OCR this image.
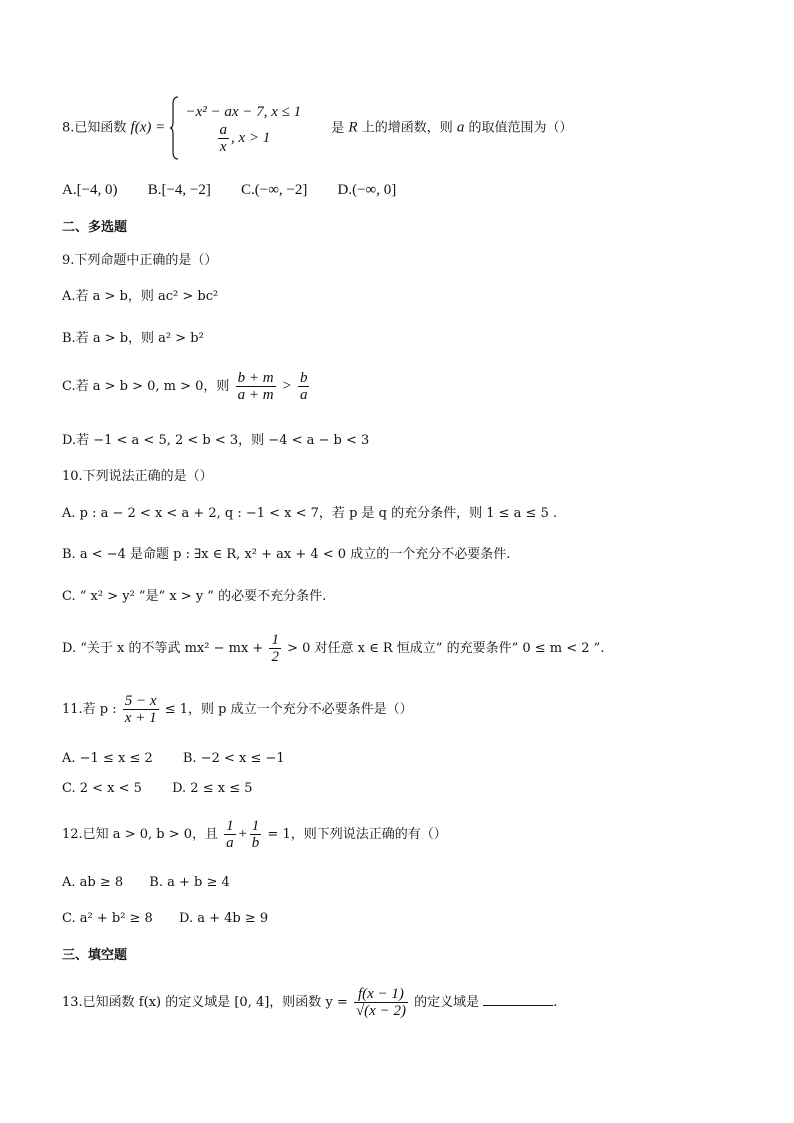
8.已知函数 f(x) =
−x² − ax − 7, x ≤ 1
$\frac{a}{x}$ , x > 1
是 R 上的增函数，则 a 的取值范围为（）
A.[−4, 0) B.[−4, −2] C.(−∞, −2] D.(−∞, 0]
二、多选题
9.下列命题中正确的是（）
A.若 a > b，则 ac² > bc²
B.若 a > b，则 a² > b²
C.若 a > b > 0, m > 0，则 $\frac{b + m}{a + m} > \frac{b}{a}$
D.若 −1 < a < 5, 2 < b < 3，则 −4 < a − b < 3
10.下列说法正确的是（）
A. p : a − 2 < x < a + 2, q : −1 < x < 7，若 p 是 q 的充分条件，则 1 ≤ a ≤ 5 .
B. a < −4 是命题 p : ∃x ∈ R, x² + ax + 4 < 0 成立的一个充分不必要条件.
C. “ x² > y² ”是“ x > y ” 的必要不充分条件.
D. “关于 x 的不等武 mx² − mx + $\frac{1}{2} > 0$ 对任意 x ∈ R 恒成立” 的充要条件” 0 ≤ m < 2 ”.
11.若 p : $\frac{5 - x}{x + 1} \le 1$，则 p 成立一个充分不必要条件是（）
A. −1 ≤ x ≤ 2 B. −2 < x ≤ −1
C. 2 < x < 5 D. 2 ≤ x ≤ 5
12.已知 a > 0, b > 0，且 $\frac{1}{a} + \frac{1}{b} = 1$，则下列说法正确的有（）
A. ab ≥ 8 B. a + b ≥ 4
C. a² + b² ≥ 8 D. a + 4b ≥ 9
三、填空题
13.已知函数 f(x) 的定义域是 [0, 4]，则函数 $y = \frac{f(x - 1)}{√(x - 2)}$ 的定义域是	.
